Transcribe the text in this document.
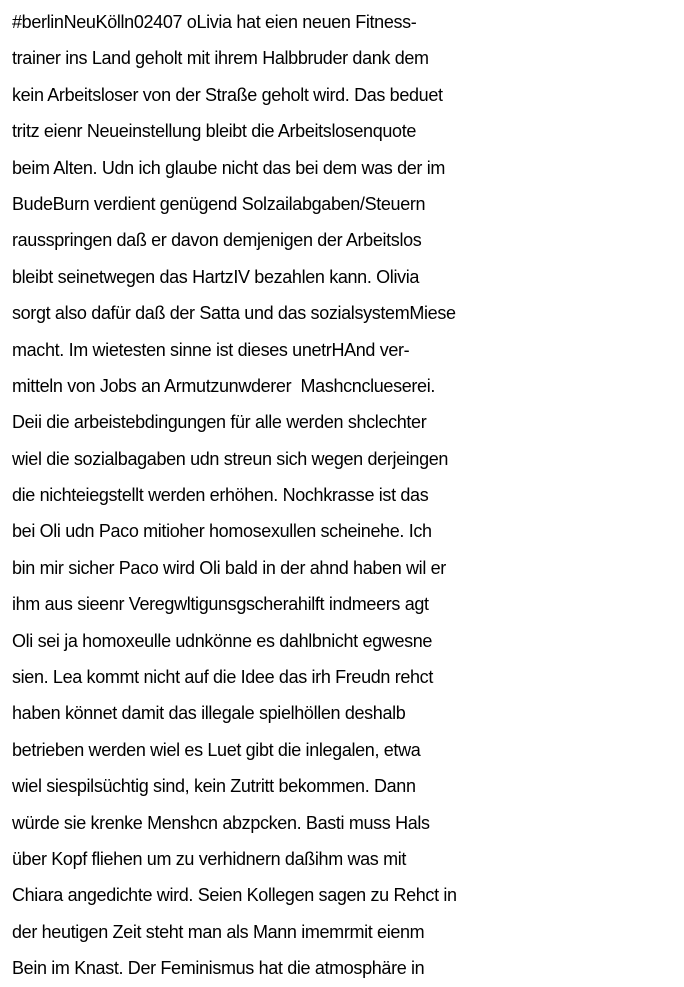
#berlinNeuKölln02407 oLivia hat eien neuen Fitness-
trainer ins Land geholt mit ihrem Halbbruder dank dem
kein Arbeitsloser von der Straße geholt wird. Das beduet
tritz eienr Neueinstellung bleibt die Arbeitslosenquote
beim Alten. Udn ich glaube nicht das bei dem was der im
BudeBurn verdient genügend Solzailabgaben/Steuern
rausspringen daß er davon demjenigen der Arbeitslos
bleibt seinetwegen das HartzIV bezahlen kann. Olivia
sorgt also dafür daß der Satta und das sozialsystemMiese
macht. Im wietesten sinne ist dieses unetrHAnd ver-
mitteln von Jobs an Armutzunwderer  Mashcnclueserei.
Deii die arbeistebdingungen für alle werden shclechter
wiel die sozialbagaben udn streun sich wegen derjeingen
die nichteiegstellt werden erhöhen. Nochkrasse ist das
bei Oli udn Paco mitioher homosexullen scheinehe. Ich
bin mir sicher Paco wird Oli bald in der ahnd haben wil er
ihm aus sieenr Veregwltigunsgscherahilft indmeers agt
Oli sei ja homoxeulle udnkönne es dahlbnicht egwesne
sien. Lea kommt nicht auf die Idee das irh Freudn rehct
haben könnet damit das illegale spielhöllen deshalb
betrieben werden wiel es Luet gibt die inlegalen, etwa
wiel siespilsüchtig sind, kein Zutritt bekommen. Dann
würde sie krenke Menshcn abzpcken. Basti muss Hals
über Kopf fliehen um zu verhidnern daßihm was mit
Chiara angedichte wird. Seien Kollegen sagen zu Rehct in
der heutigen Zeit steht man als Mann imemrmit eienm
Bein im Knast. Der Feminismus hat die atmosphäre in
